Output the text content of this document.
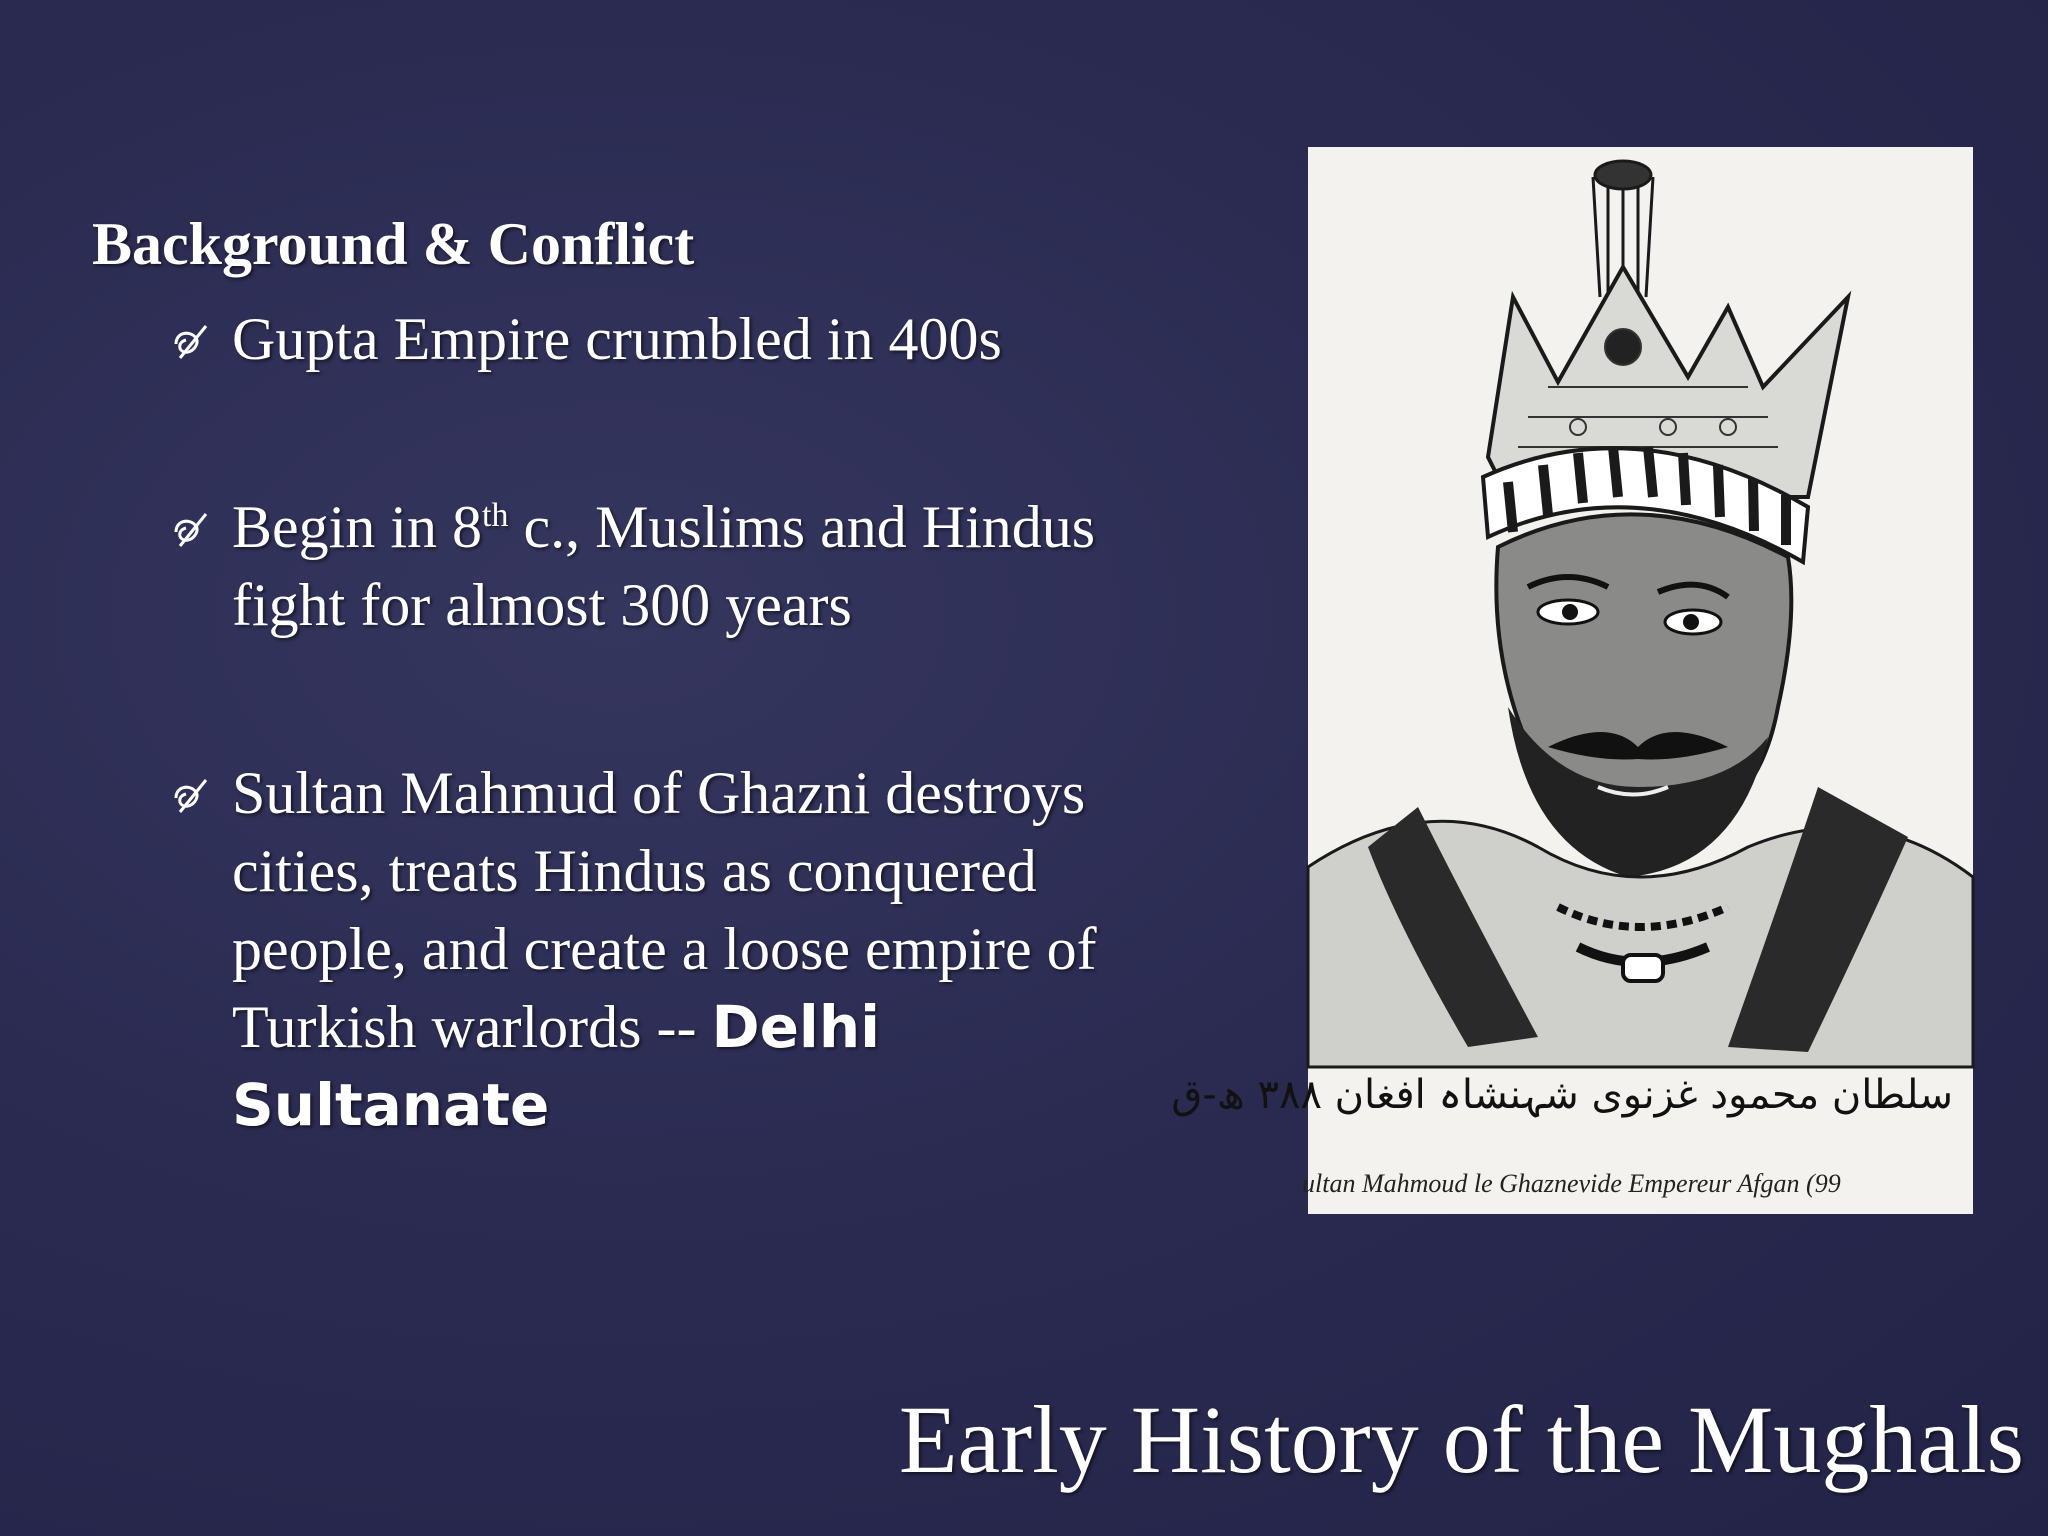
Background & Conflict
Gupta Empire crumbled in 400s
Begin in 8th c., Muslims and Hindus fight for almost 300 years
Sultan Mahmud of Ghazni destroys cities, treats Hindus as conquered people, and create a loose empire of Turkish warlords -- Delhi Sultanate	سلطان محمود غزنوی شہنشاہ افغان ۳۸۸ ھ-ق
ultan Mahmoud le Ghaznevide Empereur Afgan (99
Early History of the Mughals
